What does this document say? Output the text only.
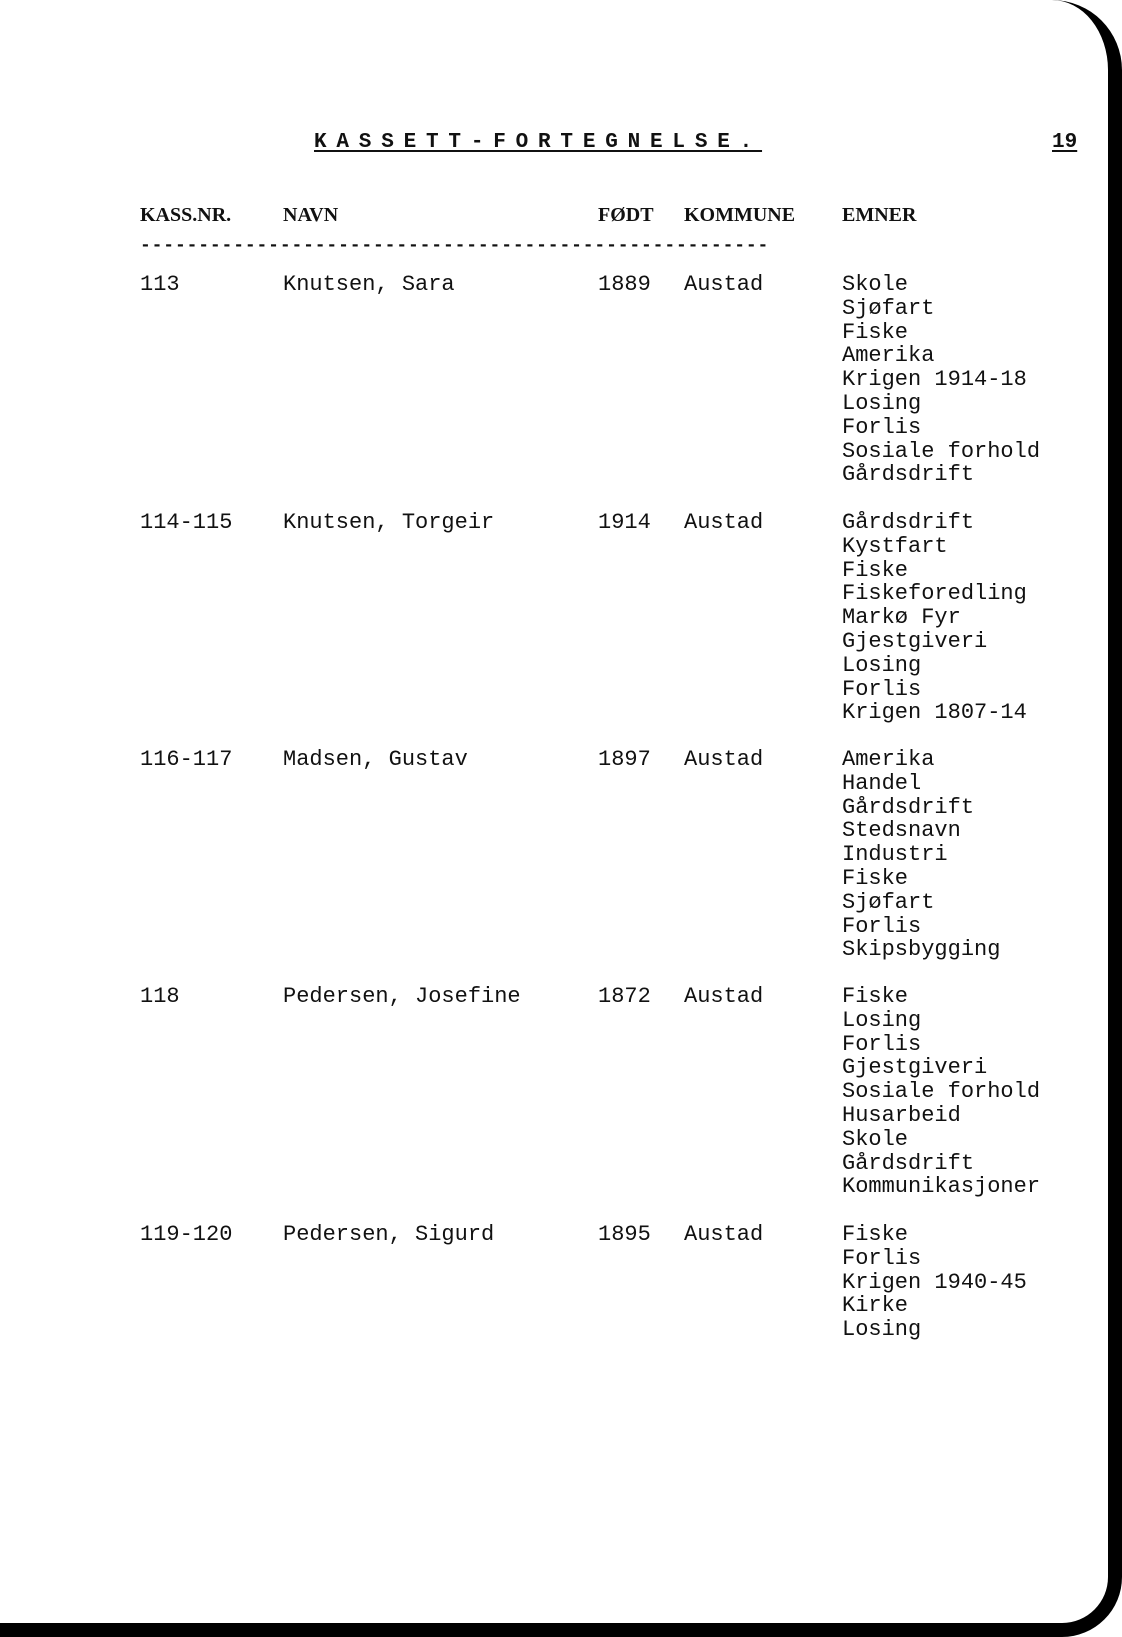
KASSETT-FORTEGNELSE.	19
KASS.NR.	NAVN	FØDT KOMMUNE EMNER
------------------------------------------------------
113	Knutsen, Sara	1889 Austad	Skole
Sjøfart
Fiske
Amerika
Krigen 1914-18
Losing
Forlis
Sosiale forhold
Gårdsdrift
114-115 Knutsen, Torgeir	1914 Austad	Gårdsdrift
Kystfart
Fiske
Fiskeforedling
Markø Fyr
Gjestgiveri
Losing
Forlis
Krigen 1807-14
116-117 Madsen, Gustav	1897 Austad	Amerika
Handel
Gårdsdrift
Stedsnavn
Industri
Fiske
Sjøfart
Forlis
Skipsbygging
118	Pedersen, Josefine	1872 Austad	Fiske
Losing
Forlis
Gjestgiveri
Sosiale forhold
Husarbeid
Skole
Gårdsdrift
Kommunikasjoner
119-120 Pedersen, Sigurd	1895 Austad	Fiske
Forlis
Krigen 1940-45
Kirke
Losing
